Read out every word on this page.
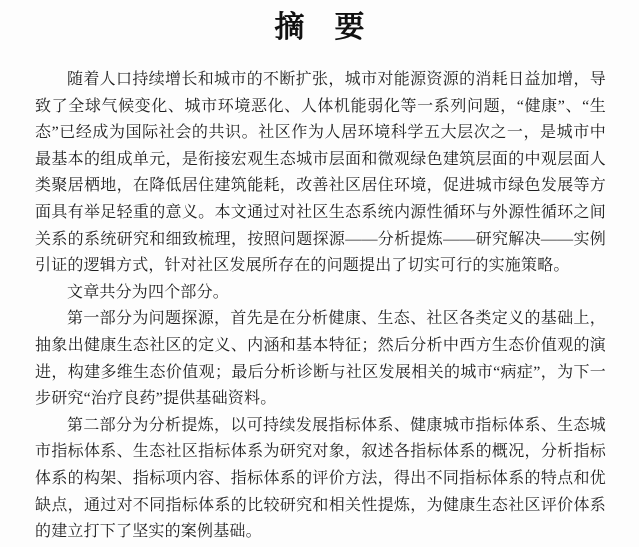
摘　要

随着人口持续增长和城市的不断扩张，城市对能源资源的消耗日益加增，导致了全球气候变化、城市环境恶化、人体机能弱化等一系列问题，“健康”、“生态”已经成为国际社会的共识。社区作为人居环境科学五大层次之一，是城市中最基本的组成单元，是衔接宏观生态城市层面和微观绿色建筑层面的中观层面人类聚居栖地，在降低居住建筑能耗，改善社区居住环境，促进城市绿色发展等方面具有举足轻重的意义。本文通过对社区生态系统内源性循环与外源性循环之间关系的系统研究和细致梳理，按照问题探源——分析提炼——研究解决——实例引证的逻辑方式，针对社区发展所存在的问题提出了切实可行的实施策略。

文章共分为四个部分。

第一部分为问题探源，首先是在分析健康、生态、社区各类定义的基础上，抽象出健康生态社区的定义、内涵和基本特征；然后分析中西方生态价值观的演进，构建多维生态价值观；最后分析诊断与社区发展相关的城市“病症”，为下一步研究“治疗良药”提供基础资料。

第二部分为分析提炼，以可持续发展指标体系、健康城市指标体系、生态城市指标体系、生态社区指标体系为研究对象，叙述各指标体系的概况，分析指标体系的构架、指标项内容、指标体系的评价方法，得出不同指标体系的特点和优缺点，通过对不同指标体系的比较研究和相关性提炼，为健康生态社区评价体系的建立打下了坚实的案例基础。
